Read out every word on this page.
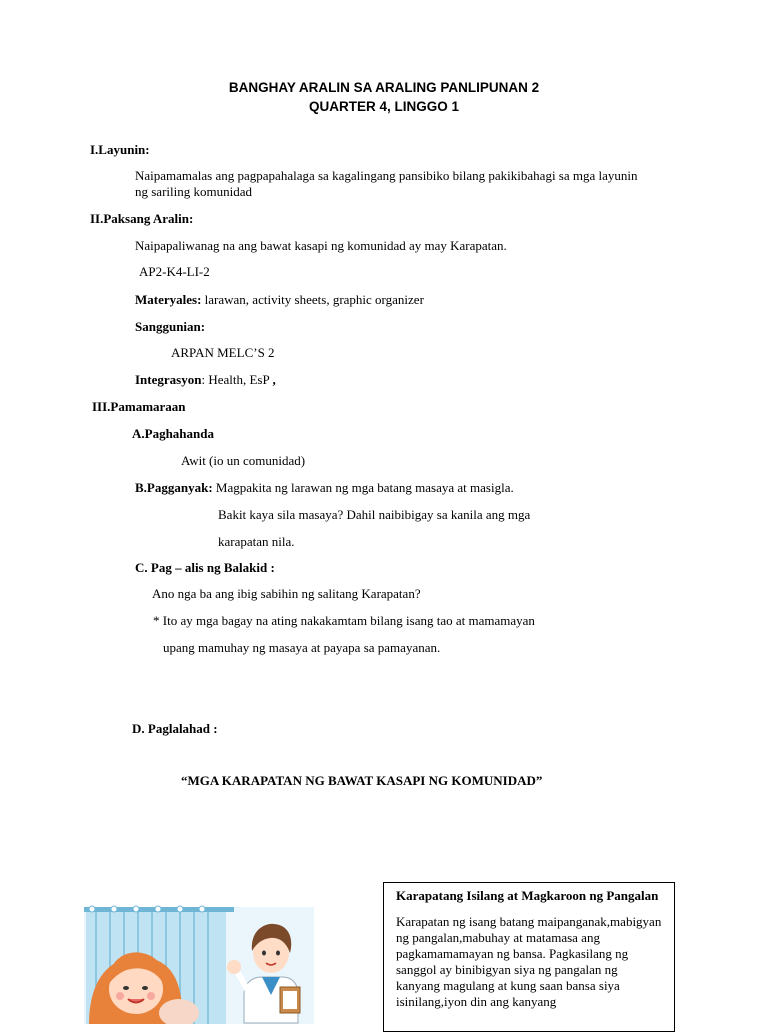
BANGHAY ARALIN SA ARALING PANLIPUNAN 2
QUARTER 4, LINGGO 1
I.Layunin:
Naipamamalas ang pagpapahalaga sa kagalingang pansibiko bilang pakikibahagi sa mga layunin
ng sariling komunidad
II.Paksang Aralin:
Naipapaliwanag na ang bawat kasapi ng komunidad ay may Karapatan.
AP2-K4-LI-2
Materyales: larawan, activity sheets, graphic organizer
Sanggunian:
ARPAN MELC’S 2
Integrasyon: Health, EsP ,
III.Pamamaraan
A.Paghahanda
Awit (io un comunidad)
B.Pagganyak: Magpakita ng larawan ng mga batang masaya at masigla.
Bakit kaya sila masaya? Dahil naibibigay sa kanila ang mga
karapatan nila.
C. Pag – alis ng Balakid :
Ano nga ba ang ibig sabihin ng salitang Karapatan?
* Ito ay mga bagay na ating nakakamtam bilang isang tao at mamamayan
upang mamuhay ng masaya at payapa sa pamayanan.
D. Paglalahad :
“MGA KARAPATAN NG BAWAT KASAPI NG KOMUNIDAD”
Karapatang Isilang at Magkaroon ng Pangalan
Karapatan ng isang batang maipanganak,mabigyan ng pangalan,mabuhay at matamasa ang pagkamamamayan ng bansa. Pagkasilang ng sanggol ay binibigyan siya ng pangalan ng kanyang magulang at kung saan bansa siya isinilang,iyon din ang kanyang
